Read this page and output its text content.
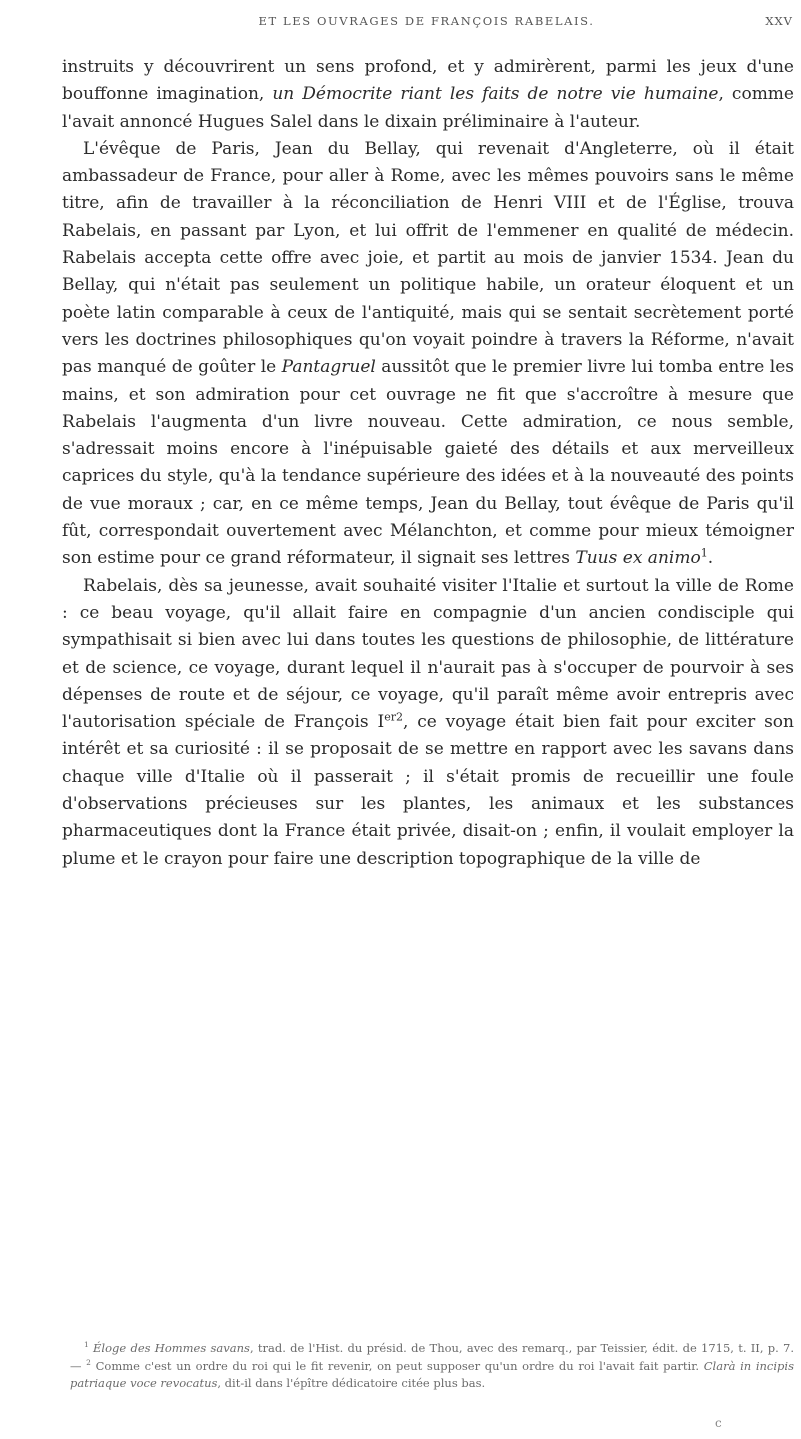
ET LES OUVRAGES DE FRANÇOIS RABELAIS.	XXV

instruits y découvrirent un sens profond, et y admirèrent, parmi les jeux d'une bouffonne imagination, un Démocrite riant les faits de notre vie humaine, comme l'avait annoncé Hugues Salel dans le dixain préliminaire à l'auteur.

L'évêque de Paris, Jean du Bellay, qui revenait d'Angleterre, où il était ambassadeur de France, pour aller à Rome, avec les mêmes pouvoirs sans le même titre, afin de travailler à la réconciliation de Henri VIII et de l'Église, trouva Rabelais, en passant par Lyon, et lui offrit de l'emmener en qualité de médecin. Rabelais accepta cette offre avec joie, et partit au mois de janvier 1534. Jean du Bellay, qui n'était pas seulement un politique habile, un orateur éloquent et un poète latin comparable à ceux de l'antiquité, mais qui se sentait secrètement porté vers les doctrines philosophiques qu'on voyait poindre à travers la Réforme, n'avait pas manqué de goûter le Pantagruel aussitôt que le premier livre lui tomba entre les mains, et son admiration pour cet ouvrage ne fit que s'accroître à mesure que Rabelais l'augmenta d'un livre nouveau. Cette admiration, ce nous semble, s'adressait moins encore à l'inépuisable gaieté des détails et aux merveilleux caprices du style, qu'à la tendance supérieure des idées et à la nouveauté des points de vue moraux ; car, en ce même temps, Jean du Bellay, tout évêque de Paris qu'il fût, correspondait ouvertement avec Mélanchton, et comme pour mieux témoigner son estime pour ce grand réformateur, il signait ses lettres Tuus ex animo$^1$.

Rabelais, dès sa jeunesse, avait souhaité visiter l'Italie et surtout la ville de Rome : ce beau voyage, qu'il allait faire en compagnie d'un ancien condisciple qui sympathisait si bien avec lui dans toutes les questions de philosophie, de littérature et de science, ce voyage, durant lequel il n'aurait pas à s'occuper de pourvoir à ses dépenses de route et de séjour, ce voyage, qu'il paraît même avoir entrepris avec l'autorisation spéciale de François $I^{er2}$, ce voyage était bien fait pour exciter son intérêt et sa curiosité : il se proposait de se mettre en rapport avec les savans dans chaque ville d'Italie où il passerait ; il s'était promis de recueillir une foule d'observations précieuses sur les plantes, les animaux et les substances pharmaceutiques dont la France était privée, disait-on ; enfin, il voulait employer la plume et le crayon pour faire une description topographique de la ville de

$^1$ Éloge des Hommes savans, trad. de l'Hist. du présid. de Thou, avec des remarq., par Teissier, édit. de 1715, t. II, p. 7. — $^2$ Comme c'est un ordre du roi qui le fit revenir, on peut supposer qu'un ordre du roi l'avait fait partir. Clarà in incipis patriaque voce revocatus, dit-il dans l'épître dédicatoire citée plus bas.

c
